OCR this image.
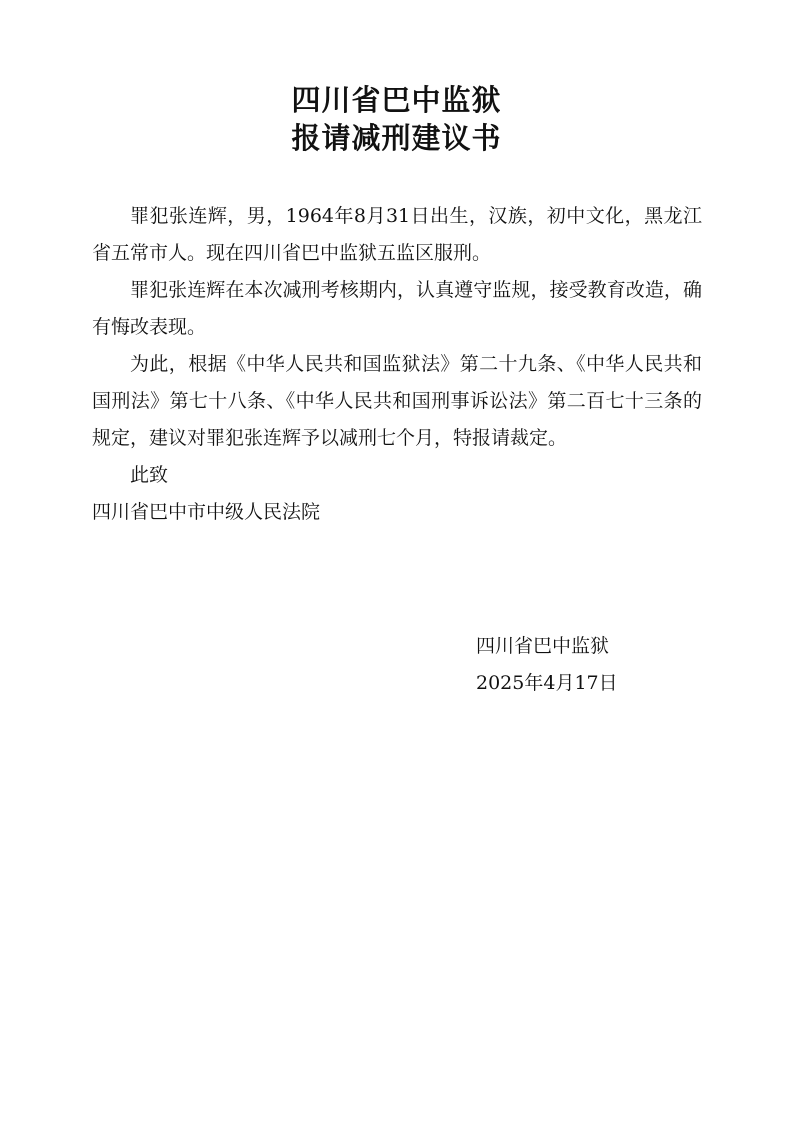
四川省巴中监狱
报请减刑建议书

罪犯张连辉，男，1964年8月31日出生，汉族，初中文化，黑龙江省五常市人。现在四川省巴中监狱五监区服刑。

罪犯张连辉在本次减刑考核期内，认真遵守监规，接受教育改造，确有悔改表现。

为此，根据《中华人民共和国监狱法》第二十九条、《中华人民共和国刑法》第七十八条、《中华人民共和国刑事诉讼法》第二百七十三条的规定，建议对罪犯张连辉予以减刑七个月，特报请裁定。

此致

四川省巴中市中级人民法院

四川省巴中监狱
2025年4月17日
